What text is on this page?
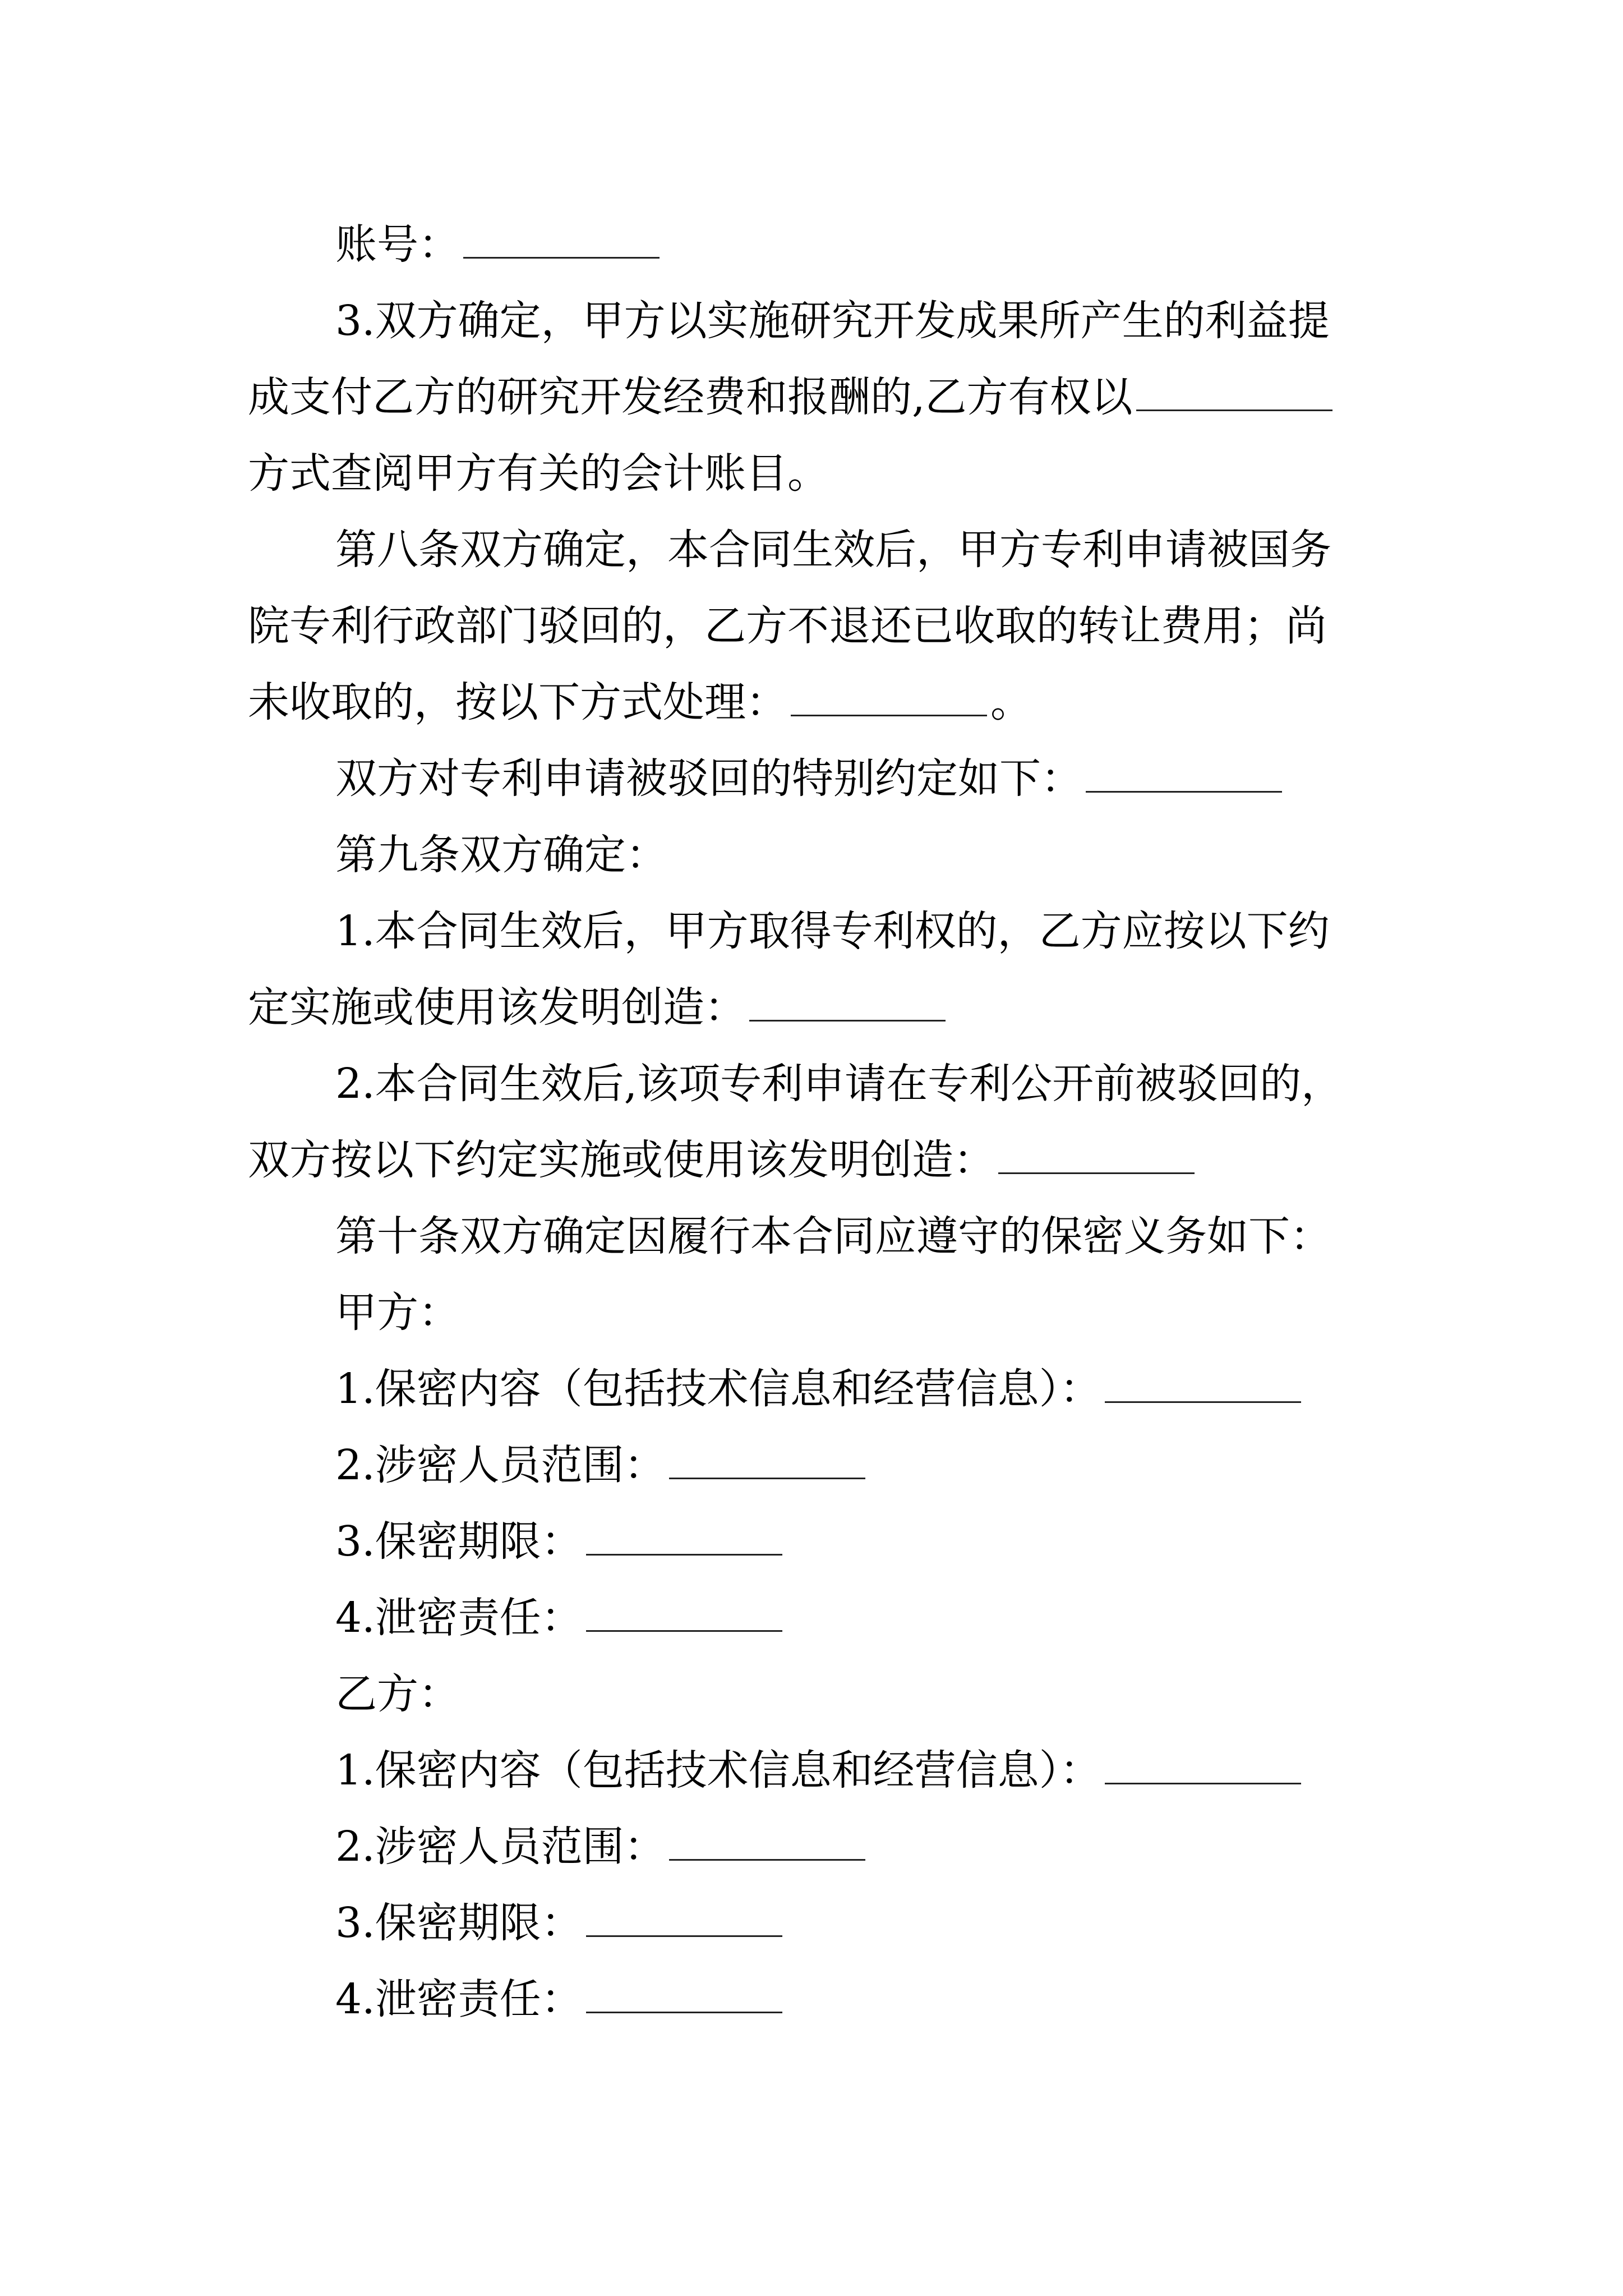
账号：
3.双方确定，甲方以实施研究开发成果所产生的利益提
成支付乙方的研究开发经费和报酬的,乙方有权以
方式查阅甲方有关的会计账目。
第八条双方确定，本合同生效后，甲方专利申请被国务
院专利行政部门驳回的，乙方不退还已收取的转让费用；尚
未收取的，按以下方式处理：	。
双方对专利申请被驳回的特别约定如下：
第九条双方确定：
1.本合同生效后，甲方取得专利权的，乙方应按以下约
定实施或使用该发明创造：
2.本合同生效后,该项专利申请在专利公开前被驳回的，
双方按以下约定实施或使用该发明创造：
第十条双方确定因履行本合同应遵守的保密义务如下：
甲方：
1.保密内容（包括技术信息和经营信息）：
2.涉密人员范围：
3.保密期限：
4.泄密责任：
乙方：
1.保密内容（包括技术信息和经营信息）：
2.涉密人员范围：
3.保密期限：
4.泄密责任：
